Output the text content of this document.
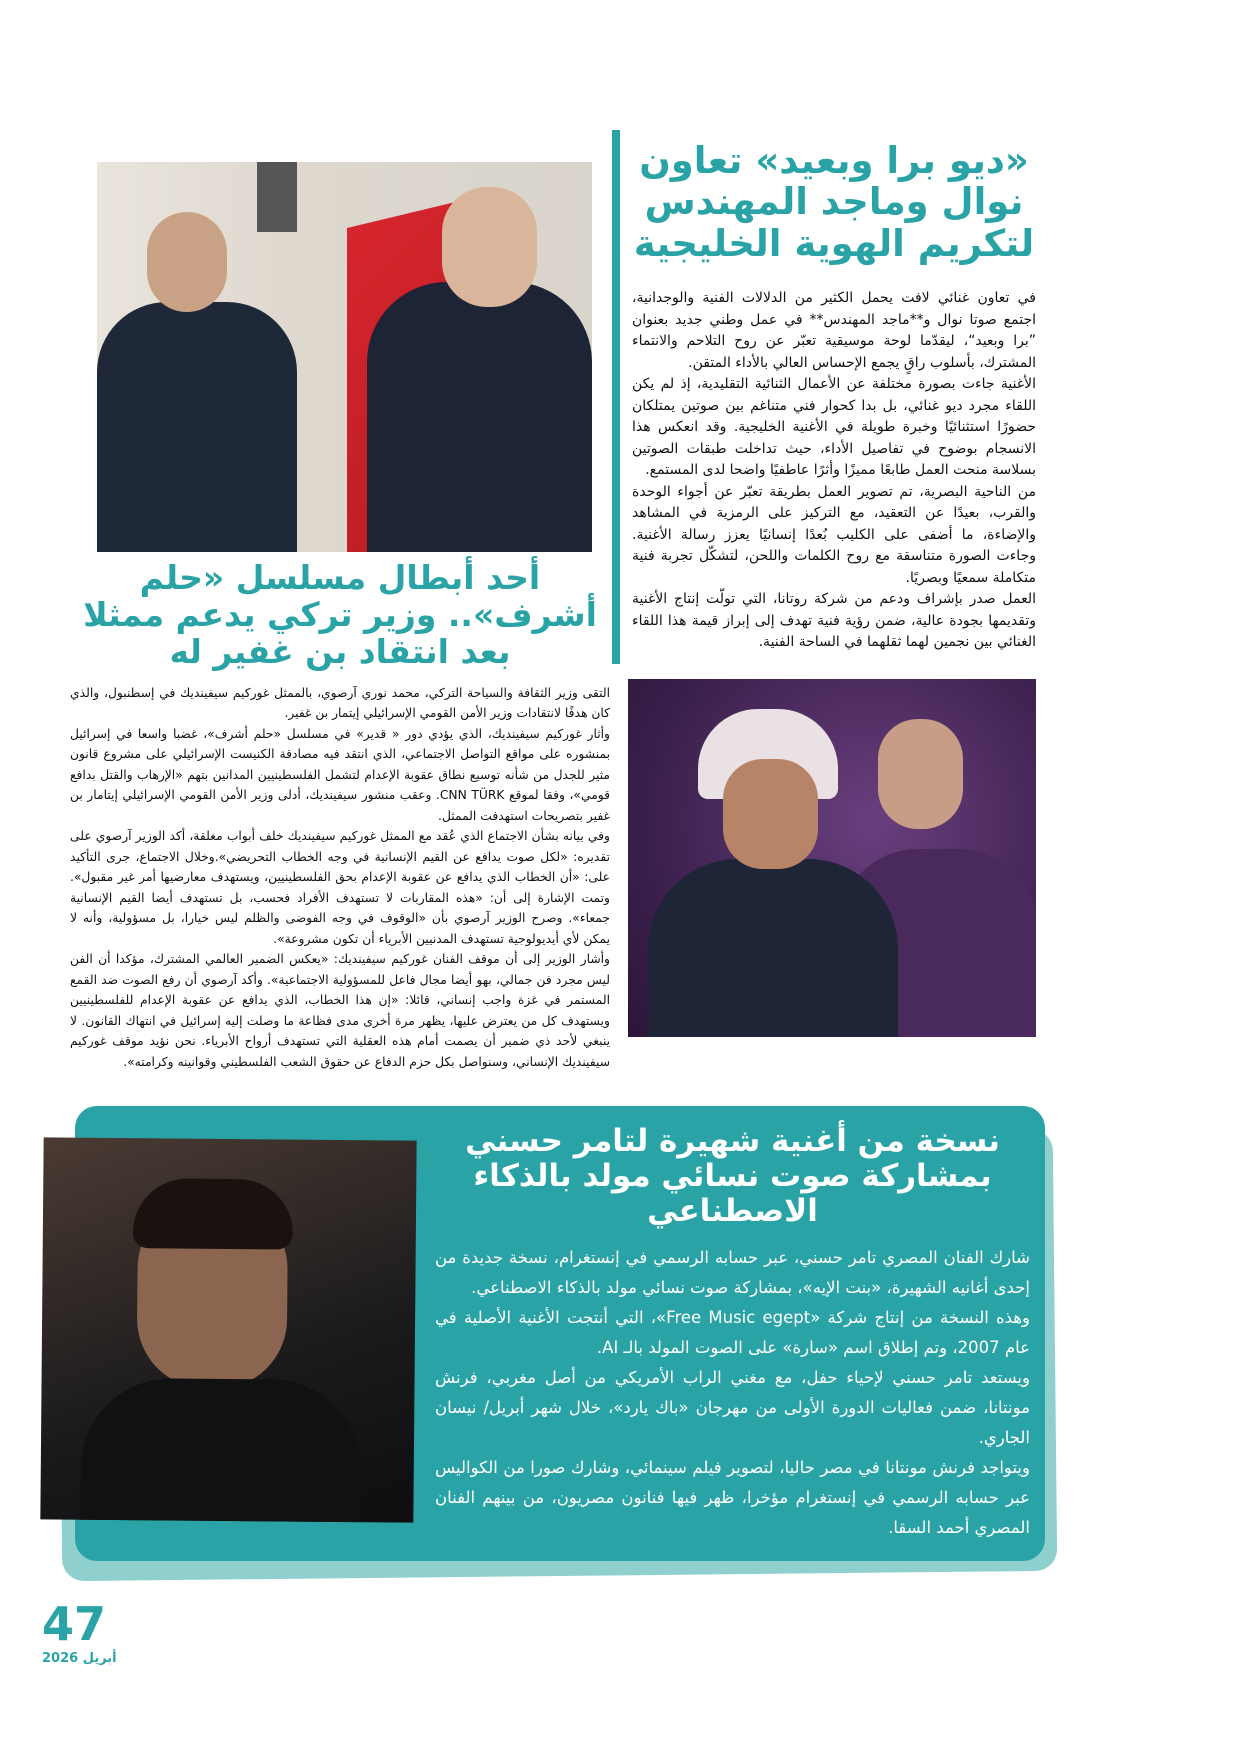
«ديو برا وبعيد» تعاون نوال وماجد المهندس لتكريم الهوية الخليجية

في تعاون غنائي لافت يحمل الكثير من الدلالات الفنية والوجدانية، اجتمع صوتا نوال و**ماجد المهندس** في عمل وطني جديد بعنوان ”برا وبعيد“، ليقدّما لوحة موسيقية تعبّر عن روح التلاحم والانتماء المشترك، بأسلوب راقٍ يجمع الإحساس العالي بالأداء المتقن.

الأغنية جاءت بصورة مختلفة عن الأعمال الثنائية التقليدية، إذ لم يكن اللقاء مجرد ديو غنائي، بل بدا كحوار فني متناغم بين صوتين يمتلكان حضورًا استثنائيًا وخبرة طويلة في الأغنية الخليجية. وقد انعكس هذا الانسجام بوضوح في تفاصيل الأداء، حيث تداخلت طبقات الصوتين بسلاسة منحت العمل طابعًا مميزًا وأثرًا عاطفيًا واضحا لدى المستمع.

من الناحية البصرية، تم تصوير العمل بطريقة تعبّر عن أجواء الوحدة والقرب، بعيدًا عن التعقيد، مع التركيز على الرمزية في المشاهد والإضاءة، ما أضفى على الكليب بُعدًا إنسانيًا يعزز رسالة الأغنية. وجاءت الصورة متناسقة مع روح الكلمات واللحن، لتشكّل تجربة فنية متكاملة سمعيًا وبصريًا.

العمل صدر بإشراف ودعم من شركة روتانا، التي تولّت إنتاج الأغنية وتقديمها بجودة عالية، ضمن رؤية فنية تهدف إلى إبراز قيمة هذا اللقاء الغنائي بين نجمين لهما ثقلهما في الساحة الفنية.

أحد أبطال مسلسل «حلم أشرف».. وزير تركي يدعم ممثلا بعد انتقاد بن غفير له

التقى وزير الثقافة والسياحة التركي، محمد نوري آرصوي، بالممثل غوركيم سيفينديك في إسطنبول، والذي كان هدفًا لانتقادات وزير الأمن القومي الإسرائيلي إيتمار بن غفير.

وأثار غوركيم سيفينديك، الذي يؤدي دور « قدير» في مسلسل «حلم أشرف»، غضبا واسعا في إسرائيل بمنشوره على مواقع التواصل الاجتماعي، الذي انتقد فيه مصادقة الكنيست الإسرائيلي على مشروع قانون مثير للجدل من شأنه توسيع نطاق عقوبة الإعدام لتشمل الفلسطينيين المدانين بتهم «الإرهاب والقتل بدافع قومي»، وفقا لموقع CNN TÜRK. وعقب منشور سيفينديك، أدلى وزير الأمن القومي الإسرائيلي إيتامار بن غفير بتصريحات استهدفت الممثل.

وفي بيانه بشأن الاجتماع الذي عُقد مع الممثل غوركيم سيفينديك خلف أبواب مغلقة، أكد الوزير آرصوي على تقديره: «لكل صوت يدافع عن القيم الإنسانية في وجه الخطاب التحريضي».وخلال الاجتماع، جرى التأكيد على: «أن الخطاب الذي يدافع عن عقوبة الإعدام بحق الفلسطينيين، ويستهدف معارضيها أمر غير مقبول». وتمت الإشارة إلى أن: «هذه المقاربات لا تستهدف الأفراد فحسب، بل تستهدف أيضا القيم الإنسانية جمعاء». وصرح الوزير آرصوي بأن «الوقوف في وجه الفوضى والظلم ليس خيارا، بل مسؤولية، وأنه لا يمكن لأي أيديولوجية تستهدف المدنيين الأبرياء أن تكون مشروعة».

وأشار الوزير إلى أن موقف الفنان غوركيم سيفينديك: «يعكس الضمير العالمي المشترك، مؤكدا أن الفن ليس مجرد فن جمالي، بهو أيضا مجال فاعل للمسؤولية الاجتماعية». وأكد آرصوي أن رفع الصوت ضد القمع المستمر في غزة واجب إنساني، قائلا: «إن هذا الخطاب، الذي يدافع عن عقوبة الإعدام للفلسطينيين ويستهدف كل من يعترض عليها، يظهر مرة أخرى مدى فظاعة ما وصلت إليه إسرائيل في انتهاك القانون. لا ينبغي لأحد ذي ضمير أن يصمت أمام هذه العقلية التي تستهدف أرواح الأبرياء. نحن نؤيد موقف غوركيم سيفينديك الإنساني، وسنواصل بكل حزم الدفاع عن حقوق الشعب الفلسطيني وقوانينه وكرامته».

نسخة من أغنية شهيرة لتامر حسني بمشاركة صوت نسائي مولد بالذكاء الاصطناعي

شارك الفنان المصري تامر حسني، عبر حسابه الرسمي في إنستغرام، نسخة جديدة من إحدى أغانيه الشهيرة، «بنت الإيه»، بمشاركة صوت نسائي مولد بالذكاء الاصطناعي.

وهذه النسخة من إنتاج شركة «Free Music egept»، التي أنتجت الأغنية الأصلية في عام 2007، وتم إطلاق اسم «سارة» على الصوت المولد بالـ AI.

ويستعد تامر حسني لإحياء حفل، مع مغني الراب الأمريكي من أصل مغربي، فرنش مونتانا، ضمن فعاليات الدورة الأولى من مهرجان «باك يارد»، خلال شهر أبريل/ نيسان الجاري.

ويتواجد فرنش مونتانا في مصر حاليا، لتصوير فيلم سينمائي، وشارك صورا من الكواليس عبر حسابه الرسمي في إنستغرام مؤخرا، ظهر فيها فنانون مصريون، من بينهم الفنان المصري أحمد السقا.

47
أبريل 2026
